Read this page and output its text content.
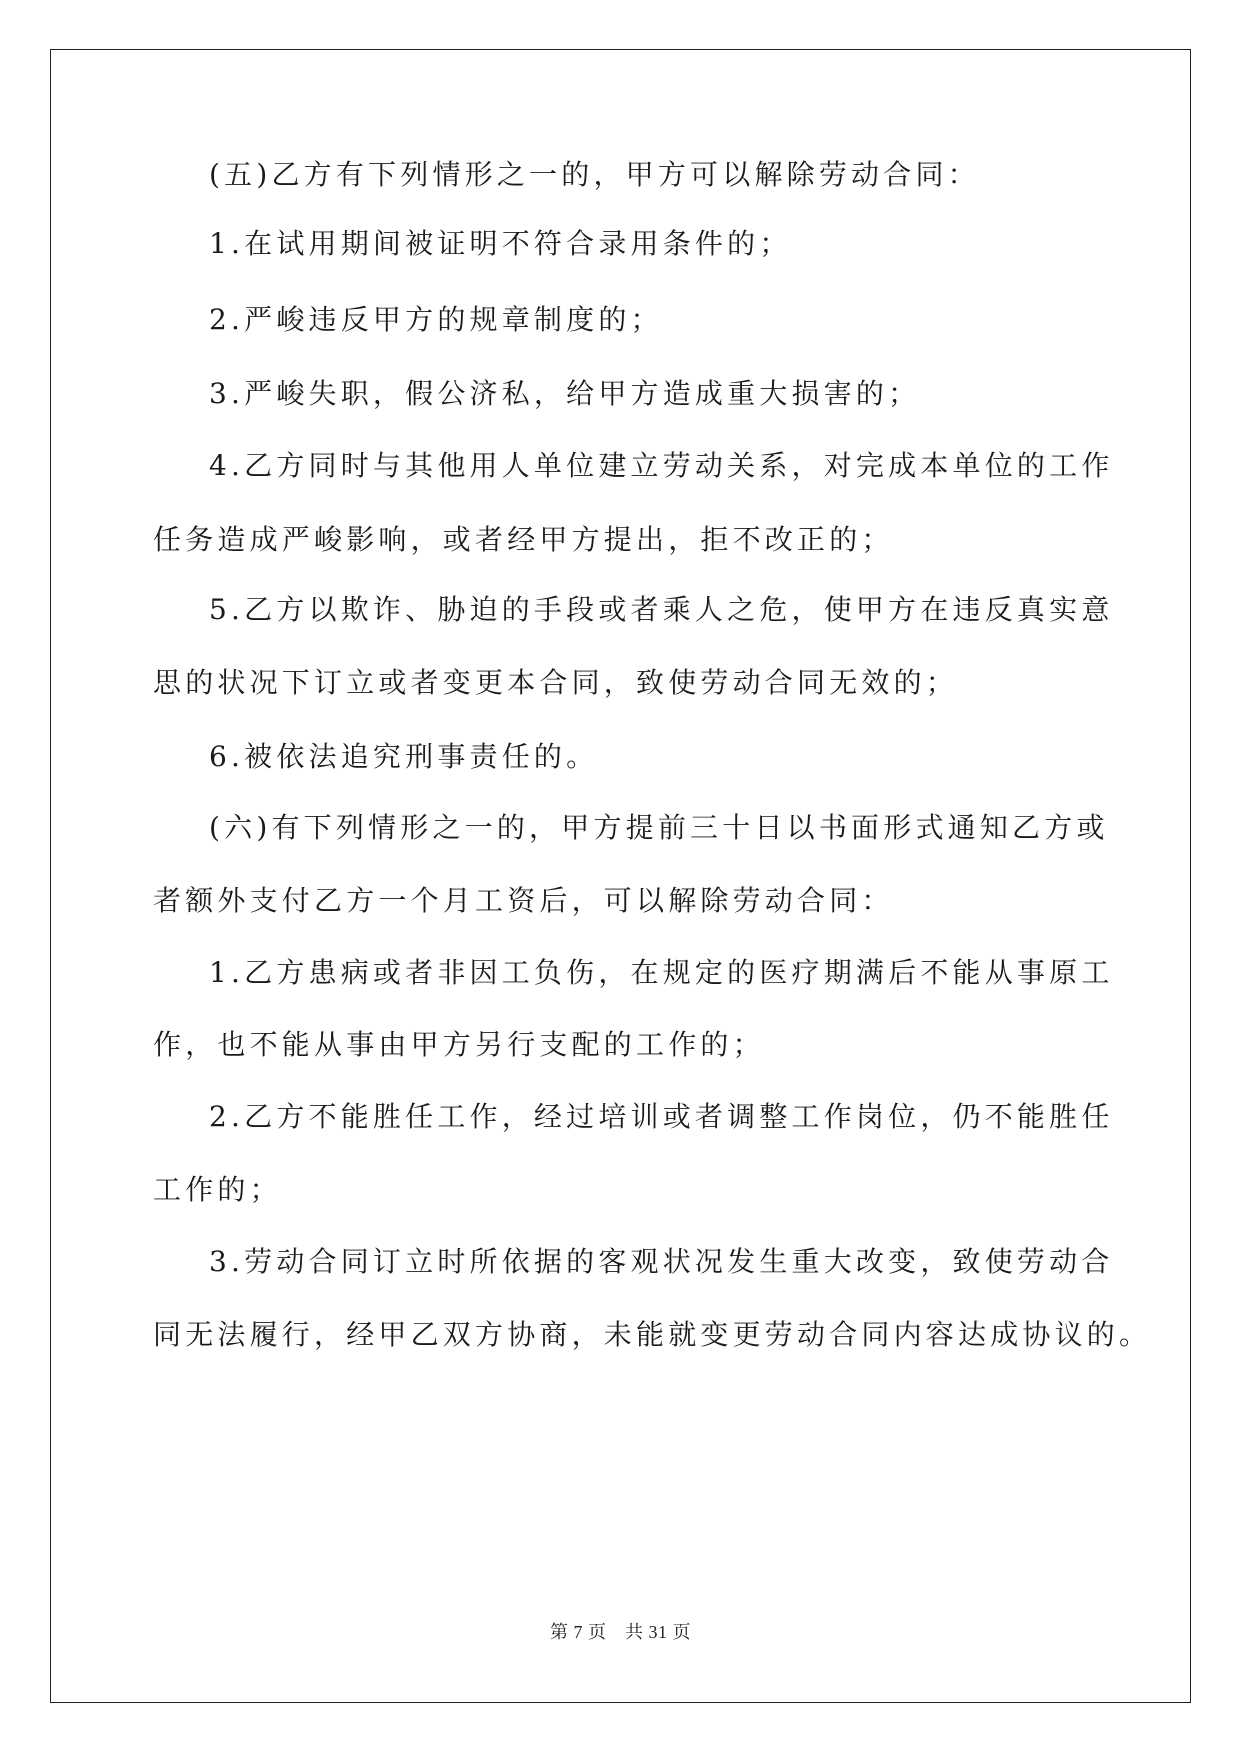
(五)乙方有下列情形之一的，甲方可以解除劳动合同：
1.在试用期间被证明不符合录用条件的；
2.严峻违反甲方的规章制度的；
3.严峻失职，假公济私，给甲方造成重大损害的；
4.乙方同时与其他用人单位建立劳动关系，对完成本单位的工作
任务造成严峻影响，或者经甲方提出，拒不改正的；
5.乙方以欺诈、胁迫的手段或者乘人之危，使甲方在违反真实意
思的状况下订立或者变更本合同，致使劳动合同无效的；
6.被依法追究刑事责任的。
(六)有下列情形之一的，甲方提前三十日以书面形式通知乙方或
者额外支付乙方一个月工资后，可以解除劳动合同：
1.乙方患病或者非因工负伤，在规定的医疗期满后不能从事原工
作，也不能从事由甲方另行支配的工作的；
2.乙方不能胜任工作，经过培训或者调整工作岗位，仍不能胜任
工作的；
3.劳动合同订立时所依据的客观状况发生重大改变，致使劳动合
同无法履行，经甲乙双方协商，未能就变更劳动合同内容达成协议的。
第 7 页　共 31 页
